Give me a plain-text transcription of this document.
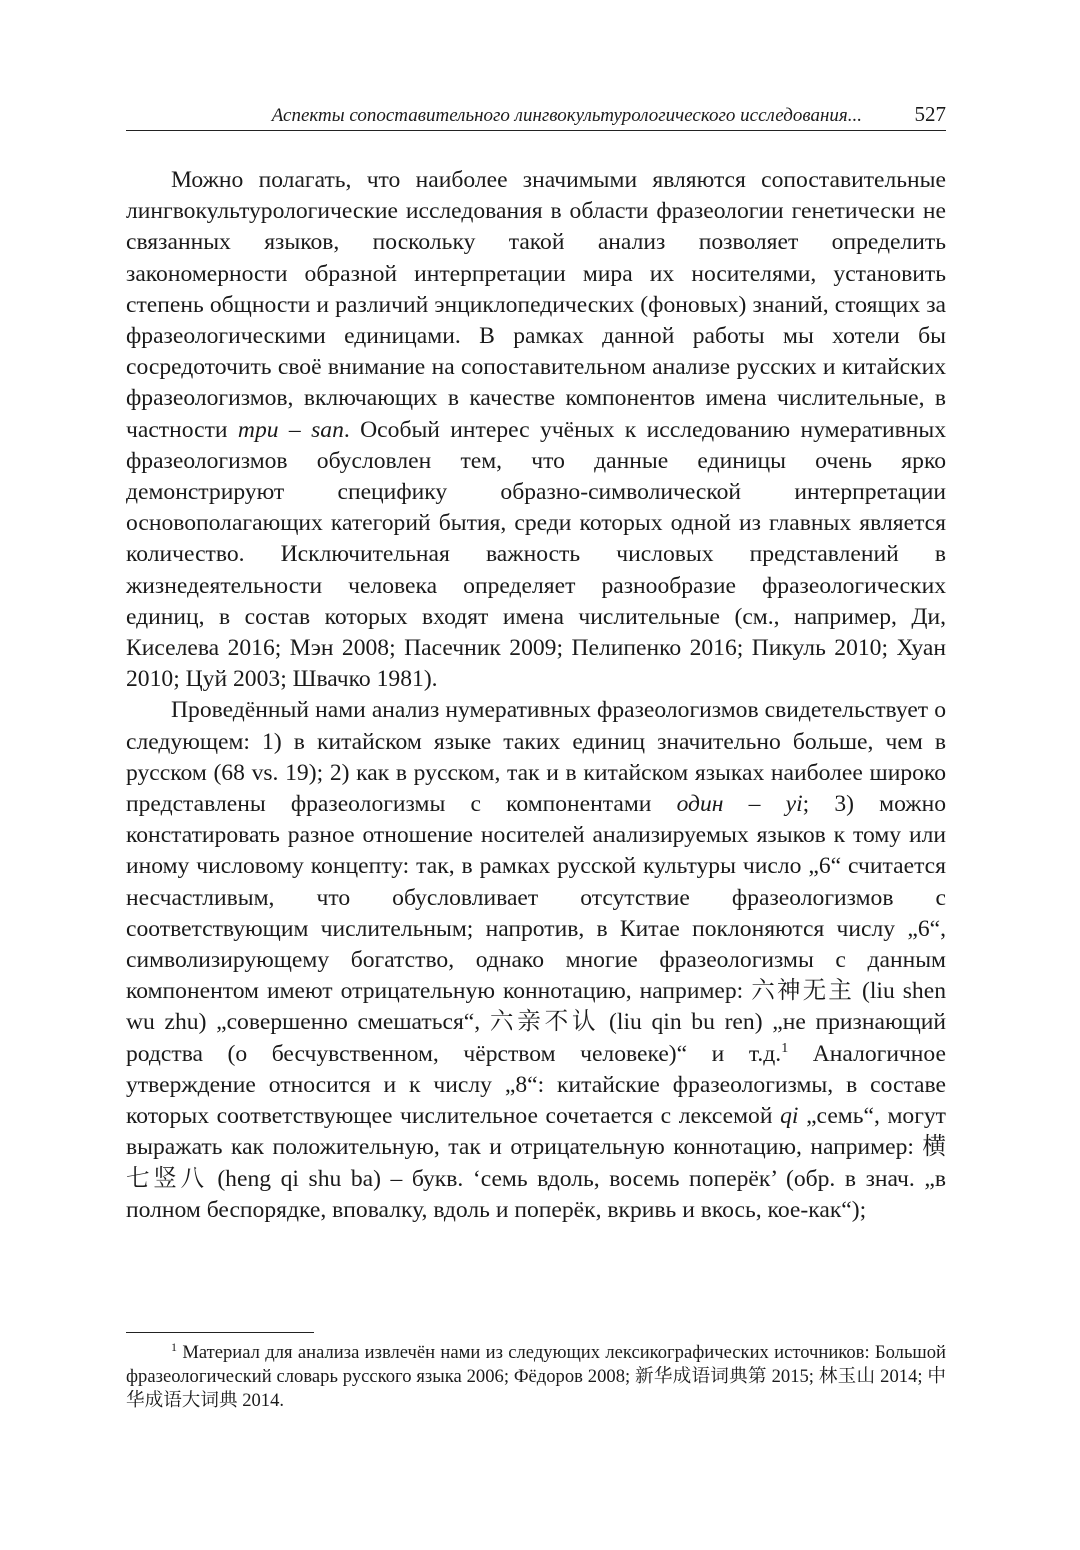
Аспекты сопоставительного лингвокультурологического исследования...	527

Можно полагать, что наиболее значимыми являются сопоставительные лингвокультурологические исследования в области фразеологии генетически не связанных языков, поскольку такой анализ позволяет определить закономерности образной интерпретации мира их носителями, установить степень общности и различий энциклопедических (фоновых) знаний, стоящих за фразеологическими единицами. В рамках данной работы мы хотели бы сосредоточить своё внимание на сопоставительном анализе русских и китайских фразеологизмов, включающих в качестве компонентов имена числительные, в частности три – san. Особый интерес учёных к исследованию нумеративных фразеологизмов обусловлен тем, что данные единицы очень ярко демонстрируют специфику образно-символической интерпретации основополагающих категорий бытия, среди которых одной из главных является количество. Исключительная важность числовых представлений в жизнедеятельности человека определяет разнообразие фразеологических единиц, в состав которых входят имена числительные (см., например, Ди, Киселева 2016; Мэн 2008; Пасечник 2009; Пелипенко 2016; Пикуль 2010; Хуан 2010; Цуй 2003; Швачко 1981).

Проведённый нами анализ нумеративных фразеологизмов свидетельствует о следующем: 1) в китайском языке таких единиц значительно больше, чем в русском (68 vs. 19); 2) как в русском, так и в китайском языках наиболее широко представлены фразеологизмы с компонентами один – yi; 3) можно констатировать разное отношение носителей анализируемых языков к тому или иному числовому концепту: так, в рамках русской культуры число „6“ считается несчастливым, что обусловливает отсутствие фразеологизмов с соответствующим числительным; напротив, в Китае поклоняются числу „6“, символизирующему богатство, однако многие фразеологизмы с данным компонентом имеют отрицательную коннотацию, например: 六神无主 (liu shen wu zhu) „совершенно смешаться“, 六亲不认 (liu qin bu ren) „не признающий родства (о бесчувственном, чёрством человеке)“ и т.д.$^1$ Аналогичное утверждение относится и к числу „8“: китайские фразеологизмы, в составе которых соответствующее числительное сочетается с лексемой qi „семь“, могут выражать как положительную, так и отрицательную коннотацию, например: 横七竖八 (heng qi shu ba) – букв. ‘семь вдоль, восемь поперёк’ (обр. в знач. „в полном беспорядке, вповалку, вдоль и поперёк, вкривь и вкось, кое-как“);

$^1$ Материал для анализа извлечён нами из следующих лексикографических источников: Большой фразеологический словарь русского языка 2006; Фёдоров 2008; 新华成语词典第 2015; 林玉山 2014; 中华成语大词典 2014.
